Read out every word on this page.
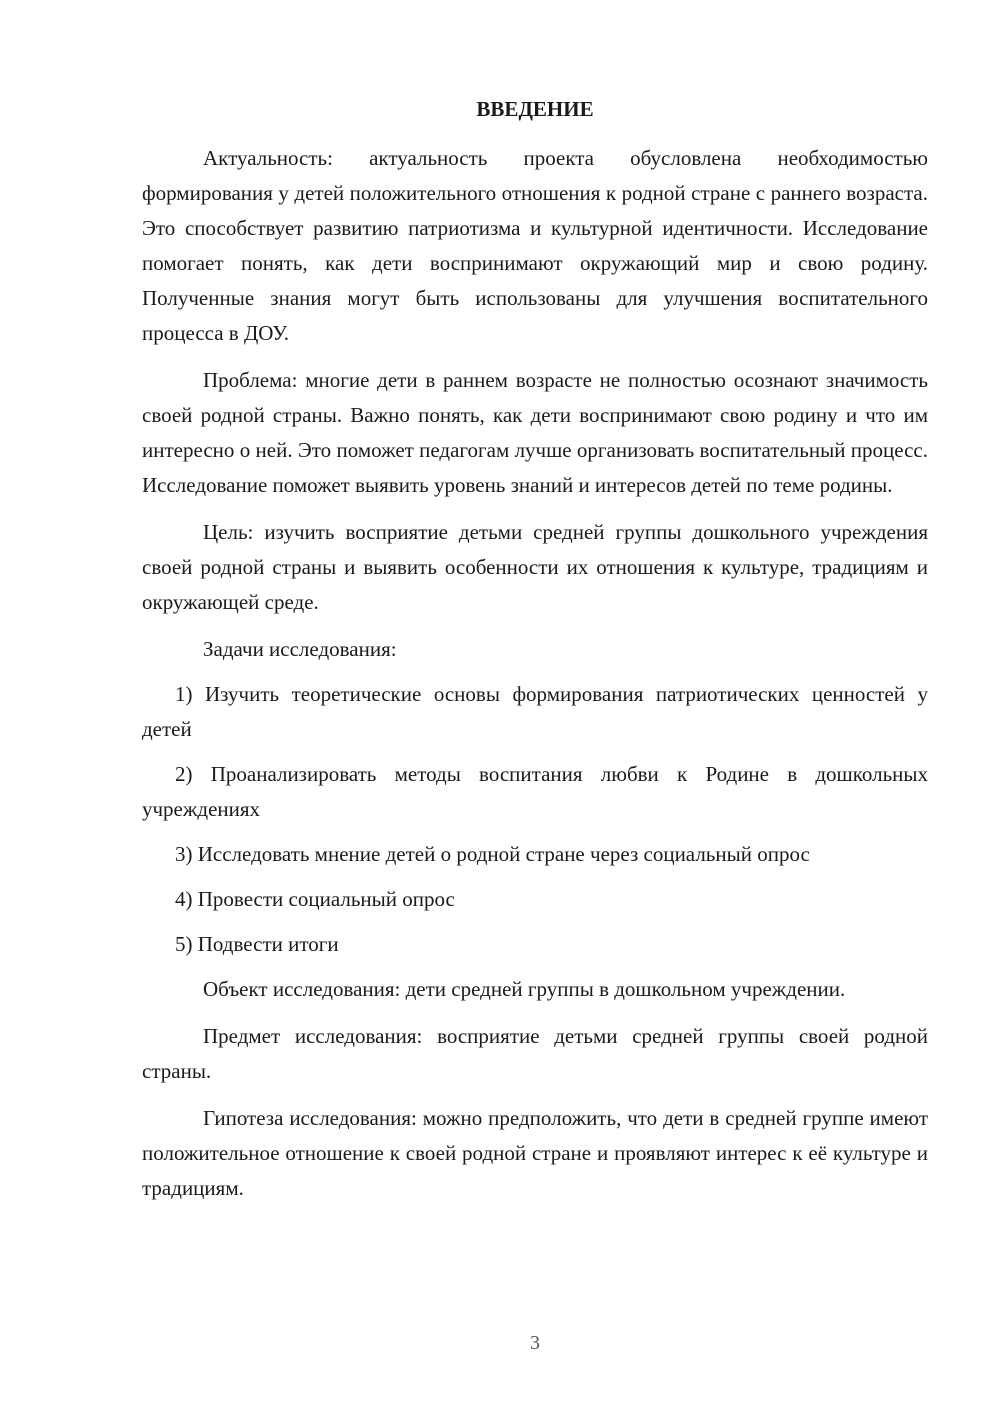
ВВЕДЕНИЕ

Актуальность: актуальность проекта обусловлена необходимостью формирования у детей положительного отношения к родной стране с раннего возраста. Это способствует развитию патриотизма и культурной идентичности. Исследование помогает понять, как дети воспринимают окружающий мир и свою родину. Полученные знания могут быть использованы для улучшения воспитательного процесса в ДОУ.

Проблема: многие дети в раннем возрасте не полностью осознают значимость своей родной страны. Важно понять, как дети воспринимают свою родину и что им интересно о ней. Это поможет педагогам лучше организовать воспитательный процесс. Исследование поможет выявить уровень знаний и интересов детей по теме родины.

Цель: изучить восприятие детьми средней группы дошкольного учреждения своей родной страны и выявить особенности их отношения к культуре, традициям и окружающей среде.

Задачи исследования:

1) Изучить теоретические основы формирования патриотических ценностей у детей

2) Проанализировать методы воспитания любви к Родине в дошкольных учреждениях

3) Исследовать мнение детей о родной стране через социальный опрос

4) Провести социальный опрос

5) Подвести итоги

Объект исследования: дети средней группы в дошкольном учреждении.

Предмет исследования: восприятие детьми средней группы своей родной страны.

Гипотеза исследования: можно предположить, что дети в средней группе имеют положительное отношение к своей родной стране и проявляют интерес к её культуре и традициям.

3
